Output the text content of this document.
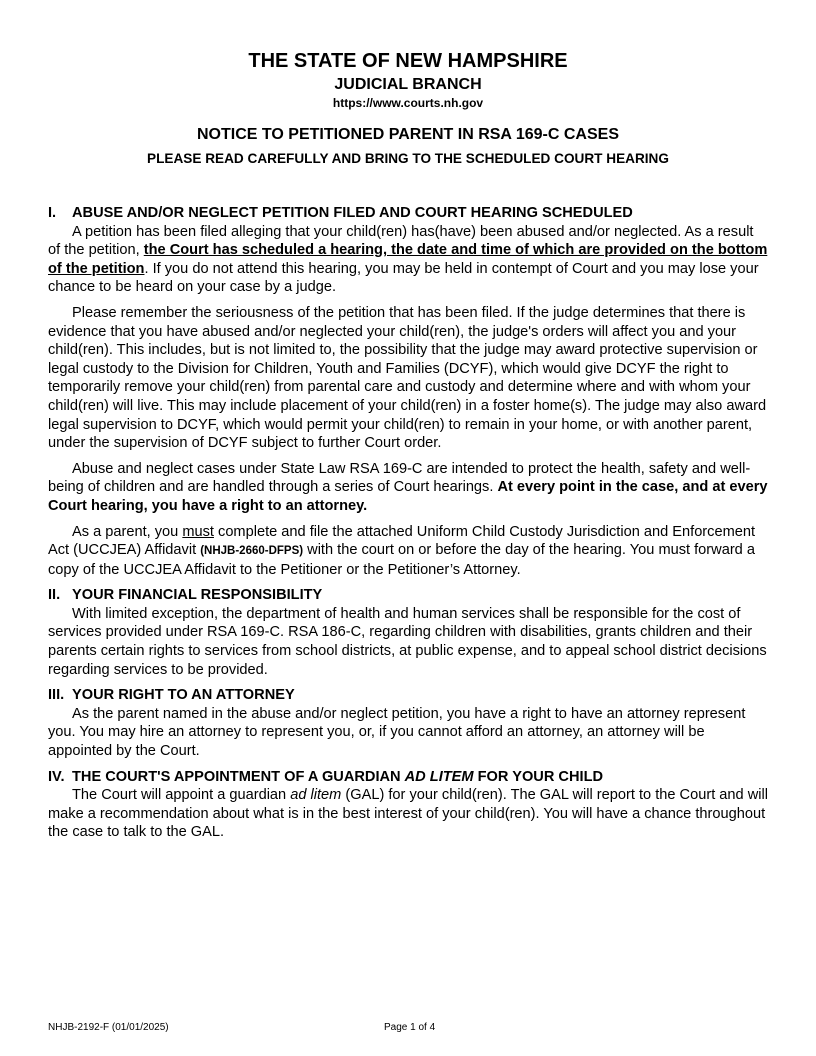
THE STATE OF NEW HAMPSHIRE
JUDICIAL BRANCH
https://www.courts.nh.gov
NOTICE TO PETITIONED PARENT IN RSA 169-C CASES
PLEASE READ CAREFULLY AND BRING TO THE SCHEDULED COURT HEARING
I. ABUSE AND/OR NEGLECT PETITION FILED AND COURT HEARING SCHEDULED

A petition has been filed alleging that your child(ren) has(have) been abused and/or neglected. As a result of the petition, the Court has scheduled a hearing, the date and time of which are provided on the bottom of the petition. If you do not attend this hearing, you may be held in contempt of Court and you may lose your chance to be heard on your case by a judge.

Please remember the seriousness of the petition that has been filed. If the judge determines that there is evidence that you have abused and/or neglected your child(ren), the judge's orders will affect you and your child(ren). This includes, but is not limited to, the possibility that the judge may award protective supervision or legal custody to the Division for Children, Youth and Families (DCYF), which would give DCYF the right to temporarily remove your child(ren) from parental care and custody and determine where and with whom your child(ren) will live. This may include placement of your child(ren) in a foster home(s). The judge may also award legal supervision to DCYF, which would permit your child(ren) to remain in your home, or with another parent, under the supervision of DCYF subject to further Court order.

Abuse and neglect cases under State Law RSA 169-C are intended to protect the health, safety and well-being of children and are handled through a series of Court hearings. At every point in the case, and at every Court hearing, you have a right to an attorney.

As a parent, you must complete and file the attached Uniform Child Custody Jurisdiction and Enforcement Act (UCCJEA) Affidavit (NHJB-2660-DFPS) with the court on or before the day of the hearing. You must forward a copy of the UCCJEA Affidavit to the Petitioner or the Petitioner’s Attorney.

II. YOUR FINANCIAL RESPONSIBILITY

With limited exception, the department of health and human services shall be responsible for the cost of services provided under RSA 169-C. RSA 186-C, regarding children with disabilities, grants children and their parents certain rights to services from school districts, at public expense, and to appeal school district decisions regarding services to be provided.

III. YOUR RIGHT TO AN ATTORNEY

As the parent named in the abuse and/or neglect petition, you have a right to have an attorney represent you. You may hire an attorney to represent you, or, if you cannot afford an attorney, an attorney will be appointed by the Court.

IV. THE COURT'S APPOINTMENT OF A GUARDIAN AD LITEM FOR YOUR CHILD

The Court will appoint a guardian ad litem (GAL) for your child(ren). The GAL will report to the Court and will make a recommendation about what is in the best interest of your child(ren). You will have a chance throughout the case to talk to the GAL.

NHJB-2192-F (01/01/2025)	Page 1 of 4
